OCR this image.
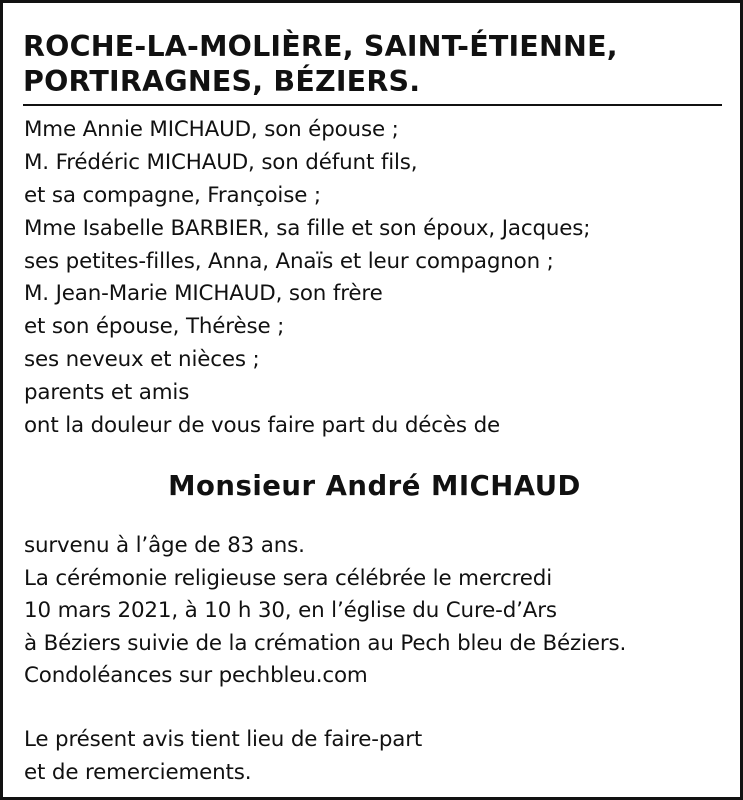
ROCHE-LA-MOLIÈRE, SAINT-ÉTIENNE,
PORTIRAGNES, BÉZIERS.
Mme Annie MICHAUD, son épouse ;
M. Frédéric MICHAUD, son défunt fils,
et sa compagne, Françoise ;
Mme Isabelle BARBIER, sa fille et son époux, Jacques;
ses petites-filles, Anna, Anaïs et leur compagnon ;
M. Jean-Marie MICHAUD, son frère
et son épouse, Thérèse ;
ses neveux et nièces ;
parents et amis
ont la douleur de vous faire part du décès de
Monsieur André MICHAUD
survenu à l’âge de 83 ans.
La cérémonie religieuse sera célébrée le mercredi
10 mars 2021, à 10 h 30, en l’église du Cure-d’Ars
à Béziers suivie de la crémation au Pech bleu de Béziers.
Condoléances sur pechbleu.com
Le présent avis tient lieu de faire-part
et de remerciements.
